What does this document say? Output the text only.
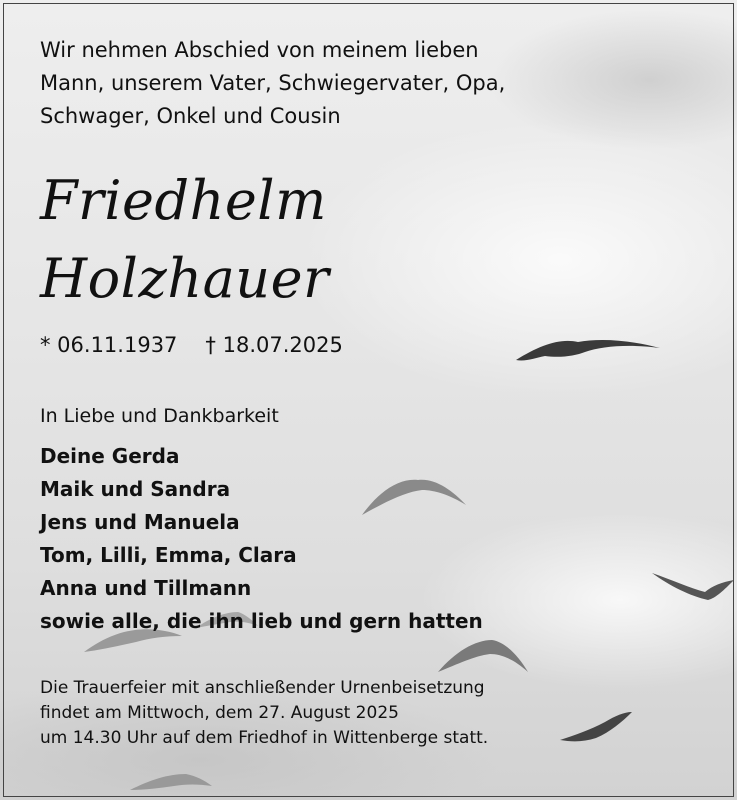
Wir nehmen Abschied von meinem lieben
Mann, unserem Vater, Schwiegervater, Opa,
Schwager, Onkel und Cousin
Friedhelm
Holzhauer
* 06.11.1937 † 18.07.2025
In Liebe und Dankbarkeit
Deine Gerda
Maik und Sandra
Jens und Manuela
Tom, Lilli, Emma, Clara
Anna und Tillmann
sowie alle, die ihn lieb und gern hatten
Die Trauerfeier mit anschließender Urnenbeisetzung
findet am Mittwoch, dem 27. August 2025
um 14.30 Uhr auf dem Friedhof in Wittenberge statt.
